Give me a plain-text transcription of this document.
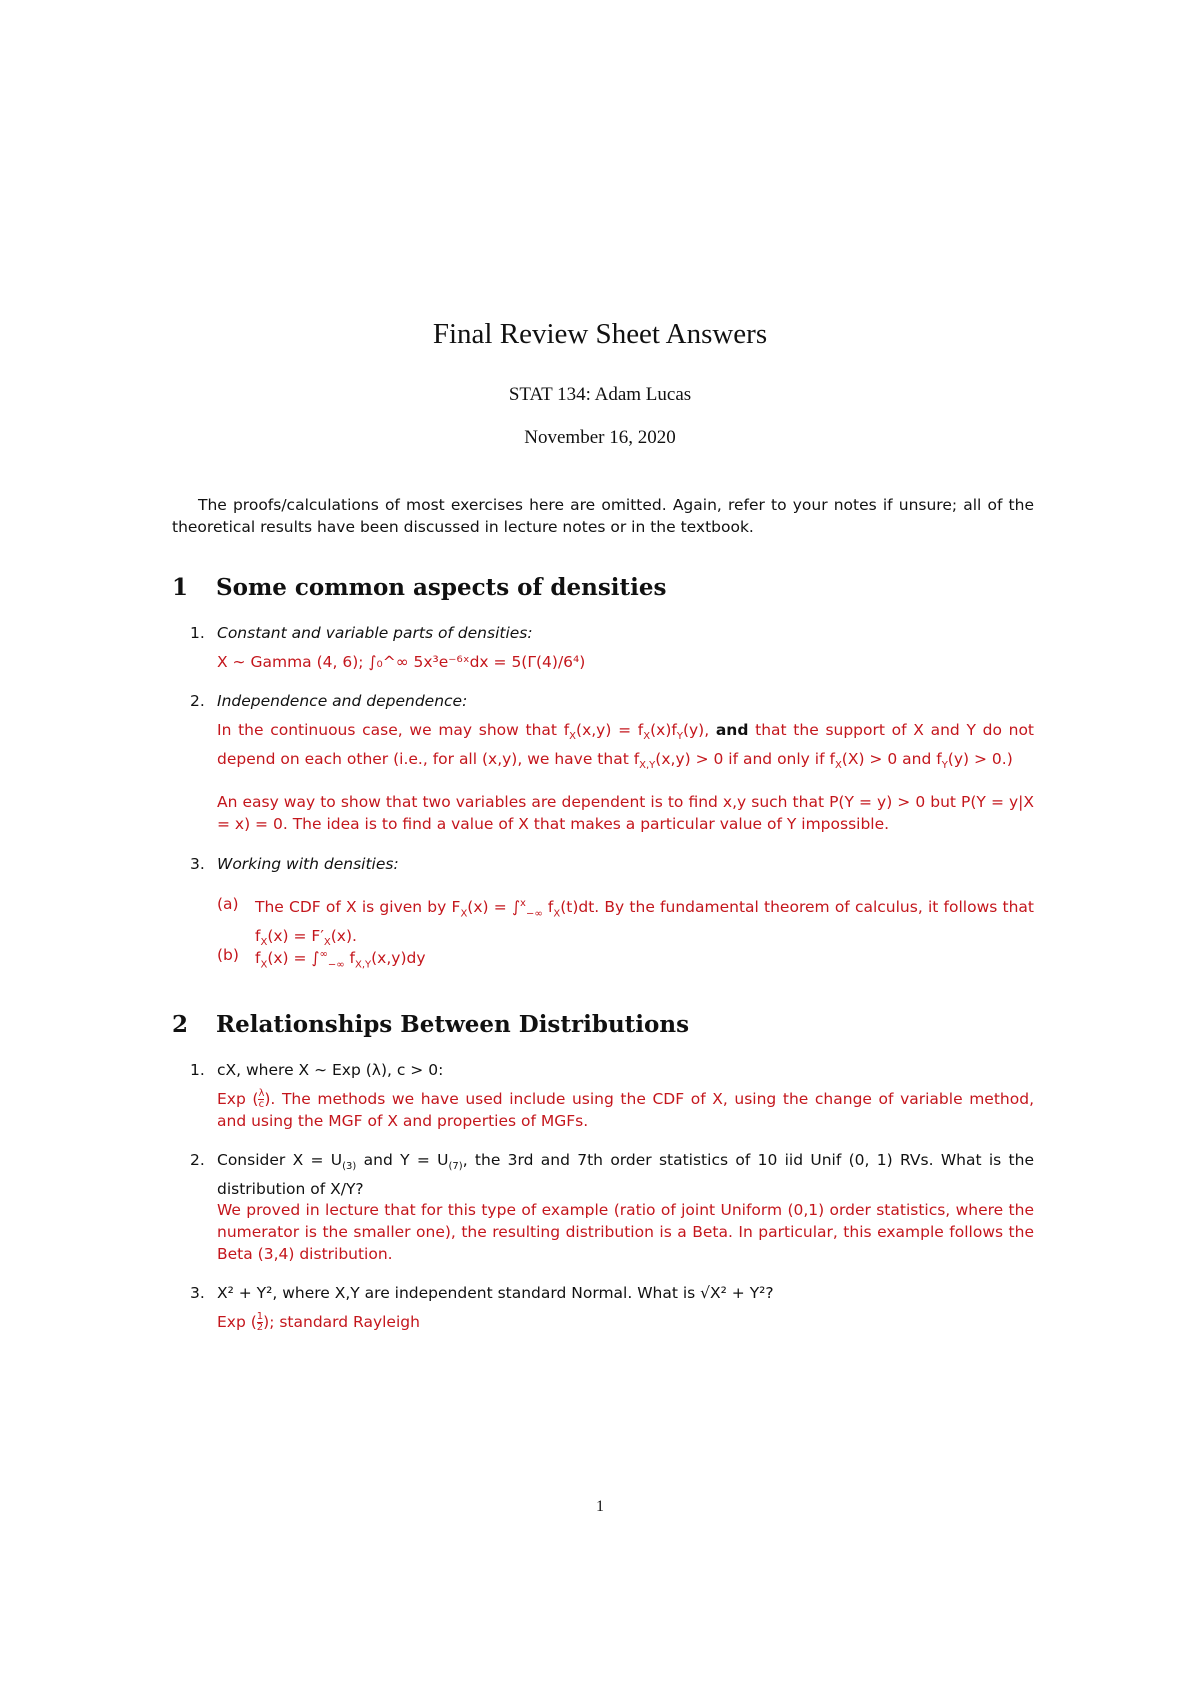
Final Review Sheet Answers
STAT 134: Adam Lucas
November 16, 2020
The proofs/calculations of most exercises here are omitted. Again, refer to your notes if unsure; all of the theoretical results have been discussed in lecture notes or in the textbook.
1 Some common aspects of densities
1. Constant and variable parts of densities:
X ∼ Gamma (4, 6); ∫₀^∞ 5x³e⁻⁶ˣdx = 5(Γ(4)/6⁴)
2. Independence and dependence:
In the continuous case, we may show that $f_X(x,y) = f_X(x)f_Y(y)$, and that the support of X and Y do not depend on each other (i.e., for all (x,y), we have that $f_{X,Y}(x,y) > 0$ if and only if $f_X(X) > 0$ and $f_Y(y) > 0$.)
An easy way to show that two variables are dependent is to find x,y such that P(Y = y) > 0 but P(Y = y|X = x) = 0. The idea is to find a value of X that makes a particular value of Y impossible.
3. Working with densities:
(a) The CDF of X is given by $F_X(x) = \int^x_{-\infty}$ $f_X(t)dt$. By the fundamental theorem of calculus, it follows that $f_X(x) = F'_X(x)$.
(b) $f_X(x) = \int^\infty_{-\infty}$ $f_{X,Y}(x,y)dy$
2 Relationships Between Distributions
1. cX, where X ∼ Exp (λ), c > 0:
Exp ( $\frac{\lambda}{c}$ ). The methods we have used include using the CDF of X, using the change of variable method, and using the MGF of X and properties of MGFs.
2. Consider $X = U_{(3)}$ and $Y = U_{(7)}$, the 3rd and 7th order statistics of 10 iid Unif (0, 1) RVs. What is the distribution of X/Y?
We proved in lecture that for this type of example (ratio of joint Uniform (0,1) order statistics, where the numerator is the smaller one), the resulting distribution is a Beta. In particular, this example follows the Beta (3,4) distribution.
3. X² + Y², where X,Y are independent standard Normal. What is √X² + Y²?
Exp ( $\frac{1}{2}$ ); standard Rayleigh
1
